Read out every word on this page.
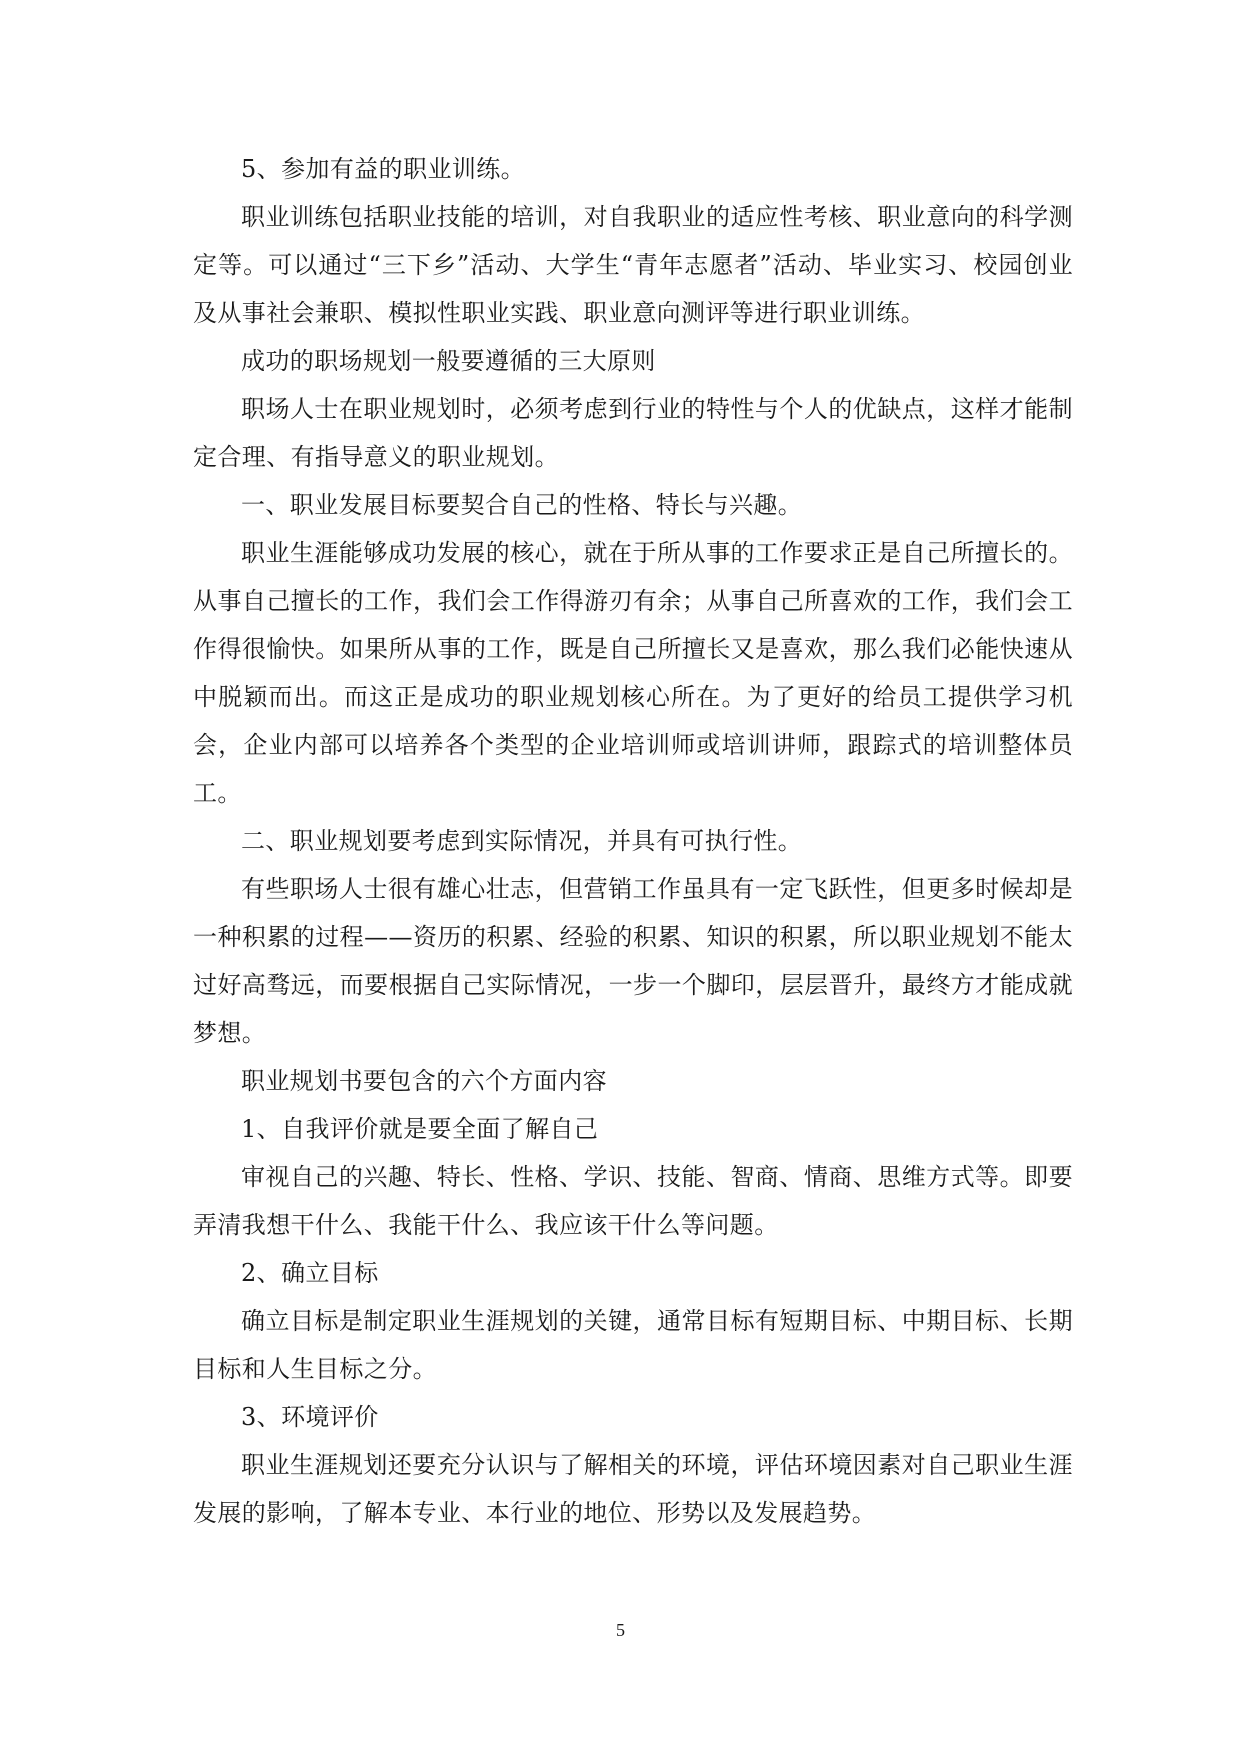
5、参加有益的职业训练。

职业训练包括职业技能的培训，对自我职业的适应性考核、职业意向的科学测定等。可以通过“三下乡”活动、大学生“青年志愿者”活动、毕业实习、校园创业及从事社会兼职、模拟性职业实践、职业意向测评等进行职业训练。

成功的职场规划一般要遵循的三大原则

职场人士在职业规划时，必须考虑到行业的特性与个人的优缺点，这样才能制定合理、有指导意义的职业规划。

一、职业发展目标要契合自己的性格、特长与兴趣。

职业生涯能够成功发展的核心，就在于所从事的工作要求正是自己所擅长的。从事自己擅长的工作，我们会工作得游刃有余；从事自己所喜欢的工作，我们会工作得很愉快。如果所从事的工作，既是自己所擅长又是喜欢，那么我们必能快速从中脱颖而出。而这正是成功的职业规划核心所在。为了更好的给员工提供学习机会，企业内部可以培养各个类型的企业培训师或培训讲师，跟踪式的培训整体员工。

二、职业规划要考虑到实际情况，并具有可执行性。

有些职场人士很有雄心壮志，但营销工作虽具有一定飞跃性，但更多时候却是一种积累的过程——资历的积累、经验的积累、知识的积累，所以职业规划不能太过好高骛远，而要根据自己实际情况，一步一个脚印，层层晋升，最终方才能成就梦想。

职业规划书要包含的六个方面内容

1、自我评价就是要全面了解自己

审视自己的兴趣、特长、性格、学识、技能、智商、情商、思维方式等。即要弄清我想干什么、我能干什么、我应该干什么等问题。

2、确立目标

确立目标是制定职业生涯规划的关键，通常目标有短期目标、中期目标、长期目标和人生目标之分。

3、环境评价

职业生涯规划还要充分认识与了解相关的环境，评估环境因素对自己职业生涯发展的影响，了解本专业、本行业的地位、形势以及发展趋势。

5
